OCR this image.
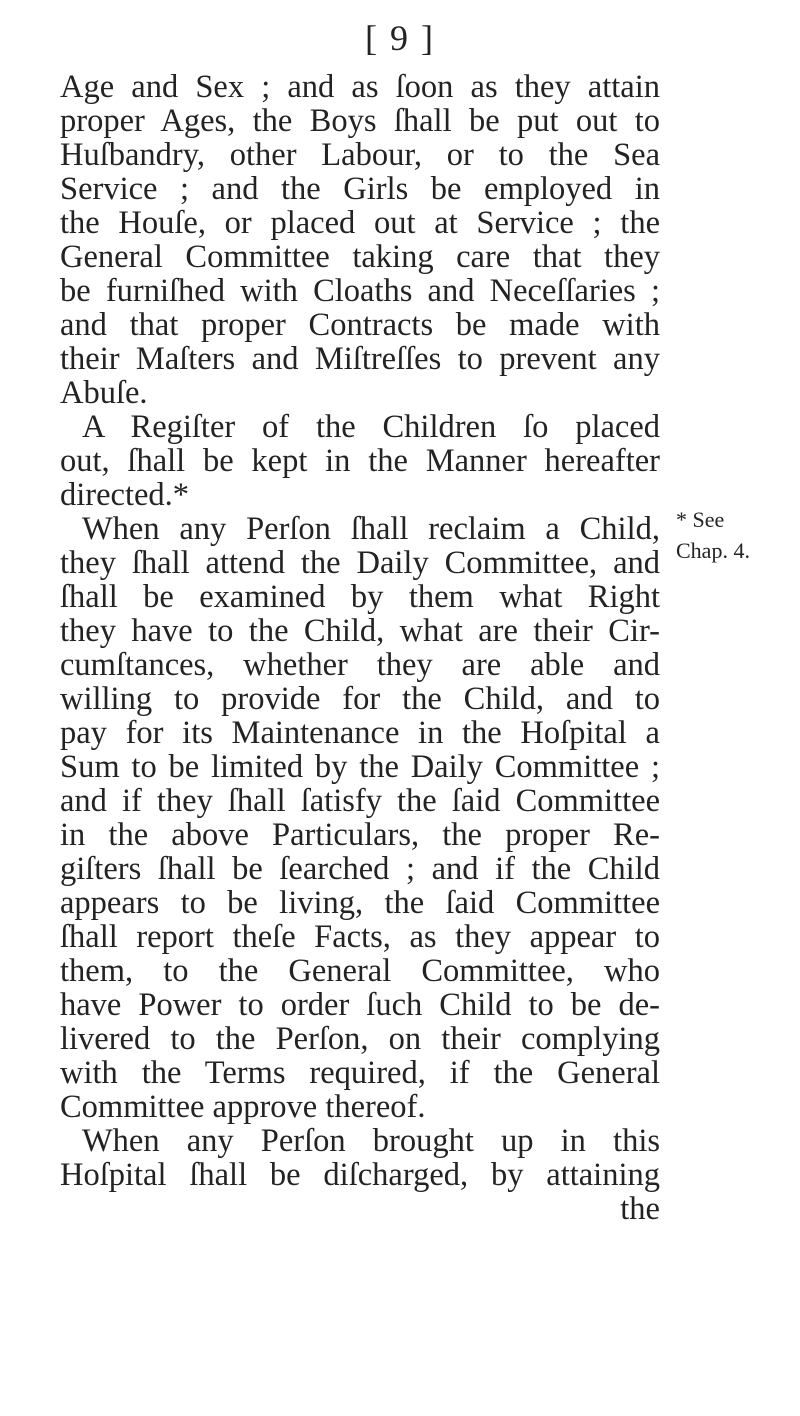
[ 9 ]
Age and Sex ; and as ſoon as they attain
proper Ages, the Boys ſhall be put out to
Huſbandry, other Labour, or to the Sea
Service ; and the Girls be employed in
the Houſe, or placed out at Service ; the
General Committee taking care that they
be furniſhed with Cloaths and Neceſſaries ;
and that proper Contracts be made with
their Maſters and Miſtreſſes to prevent any
Abuſe.
A Regiſter of the Children ſo placed
out, ſhall be kept in the Manner hereafter
directed.*
When any Perſon ſhall reclaim a Child,
they ſhall attend the Daily Committee, and
ſhall be examined by them what Right
they have to the Child, what are their Cir-
cumſtances, whether they are able and
willing to provide for the Child, and to
pay for its Maintenance in the Hoſpital a
Sum to be limited by the Daily Committee ;
and if they ſhall ſatisfy the ſaid Committee
in the above Particulars, the proper Re-
giſters ſhall be ſearched ; and if the Child
appears to be living, the ſaid Committee
ſhall report theſe Facts, as they appear to
them, to the General Committee, who
have Power to order ſuch Child to be de-
livered to the Perſon, on their complying
with the Terms required, if the General
Committee approve thereof.
When any Perſon brought up in this
Hoſpital ſhall be diſcharged, by attaining
the
* See
Chap. 4.
